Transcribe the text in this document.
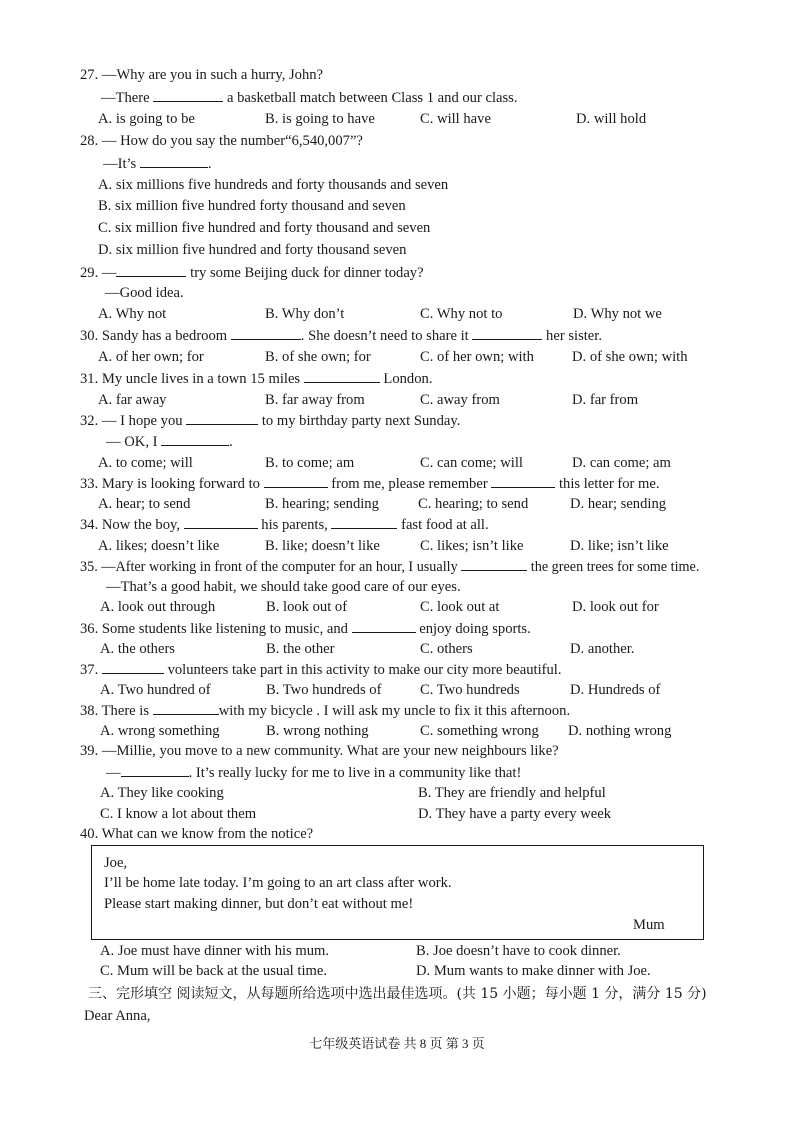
27. —Why are you in such a hurry, John?
—There	a basketball match between Class 1 and our class.
A. is going to be	B. is going to have	C. will have	D. will hold
28. — How do you say the number“6,540,007”?
—It’s	.
A. six millions five hundreds and forty thousands and seven
B. six million five hundred forty thousand and seven
C. six million five hundred and forty thousand and seven
D. six million five hundred and forty thousand seven
29. —	try some Beijing duck for dinner today?
—Good idea.
A. Why not	B. Why don’t	C. Why not to	D. Why not we
30. Sandy has a bedroom	. She doesn’t need to share it	her sister.
A. of her own; for	B. of she own; for	C. of her own; with	D. of she own; with
31. My uncle lives in a town 15 miles	London.
A. far away	B. far away from	C. away from	D. far from
32. — I hope you	to my birthday party next Sunday.
— OK, I	.
A. to come; will	B. to come; am	C. can come; will	D. can come; am
33. Mary is looking forward to	from me, please remember	this letter for me.
A. hear; to send	B. hearing; sending	C. hearing; to send	D. hear; sending
34. Now the boy,	his parents,	fast food at all.
A. likes; doesn’t like	B. like; doesn’t like	C. likes; isn’t like	D. like; isn’t like
35. —After working in front of the computer for an hour, I usually	the green trees for some time.
—That’s a good habit, we should take good care of our eyes.
A. look out through	B. look out of	C. look out at	D. look out for
36. Some students like listening to music, and	enjoy doing sports.
A. the others	B. the other	C. others	D. another.
37.	volunteers take part in this activity to make our city more beautiful.
A. Two hundred of	B. Two hundreds of	C. Two hundreds	D. Hundreds of
38. There is	with my bicycle . I will ask my uncle to fix it this afternoon.
A. wrong something	B. wrong nothing	C. something wrong D. nothing wrong
39. —Millie, you move to a new community. What are your new neighbours like?
—	. It’s really lucky for me to live in a community like that!
A. They like cooking	B. They are friendly and helpful
C. I know a lot about them	D. They have a party every week
40. What can we know from the notice?
Joe,
I’ll be home late today. I’m going to an art class after work.
Please start making dinner, but don’t eat without me!
Mum
A. Joe must have dinner with his mum.	B. Joe doesn’t have to cook dinner.
C. Mum will be back at the usual time.	D. Mum wants to make dinner with Joe.
三、完形填空 阅读短文，从每题所给选项中选出最佳选项。(共 15 小题；每小题 1 分，满分 15 分)
Dear Anna,
七年级英语试卷 共 8 页 第 3 页
